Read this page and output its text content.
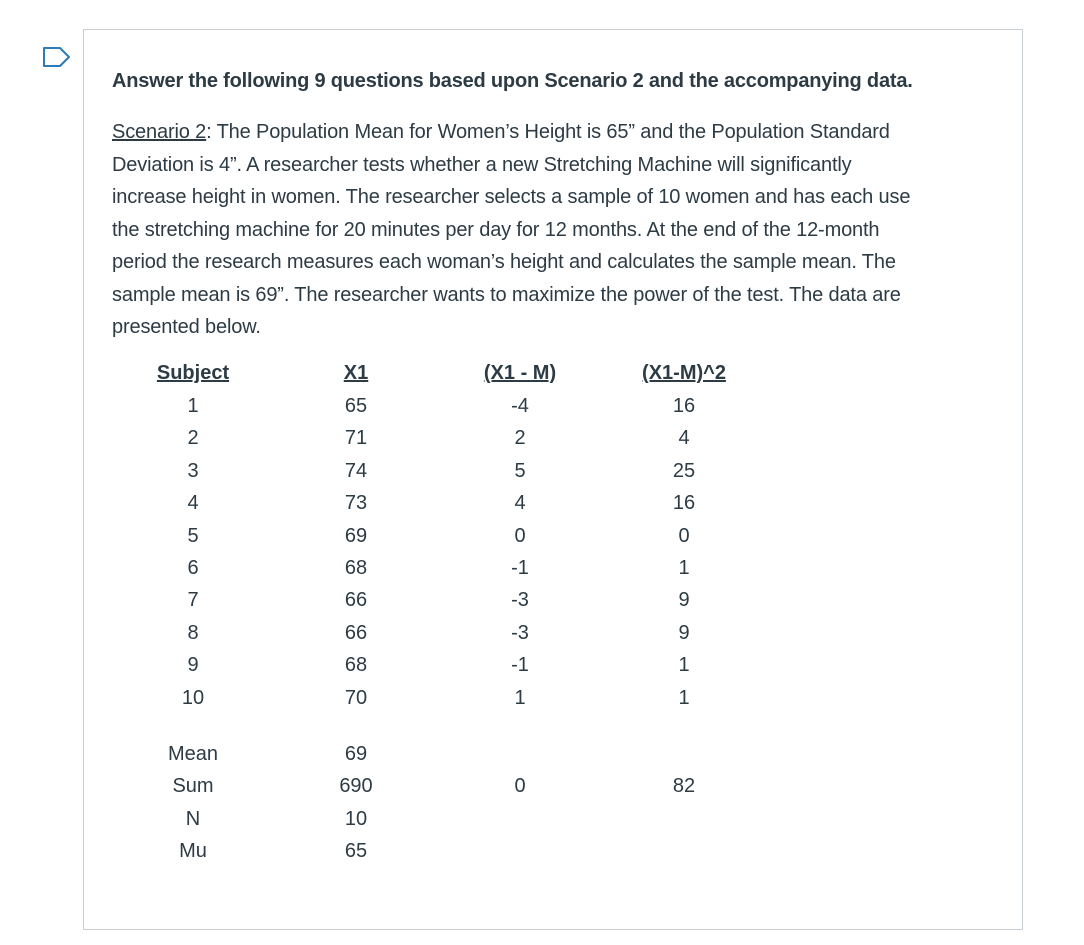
Answer the following 9 questions based upon Scenario 2 and the accompanying data.
Scenario 2: The Population Mean for Women’s Height is 65” and the Population Standard
Deviation is 4”. A researcher tests whether a new Stretching Machine will significantly
increase height in women. The researcher selects a sample of 10 women and has each use
the stretching machine for 20 minutes per day for 12 months. At the end of the 12-month
period the research measures each woman’s height and calculates the sample mean. The
sample mean is 69”. The researcher wants to maximize the power of the test. The data are
presented below.
Subject	X1	(X1 - M)	(X1-M)^2
1	65	-4	16
2	71	2	4
3	74	5	25
4	73	4	16
5	69	0	0
6	68	-1	1
7	66	-3	9
8	66	-3	9
9	68	-1	1
10	70	1	1
Mean	69
Sum	690	0	82
N	10
Mu	65
